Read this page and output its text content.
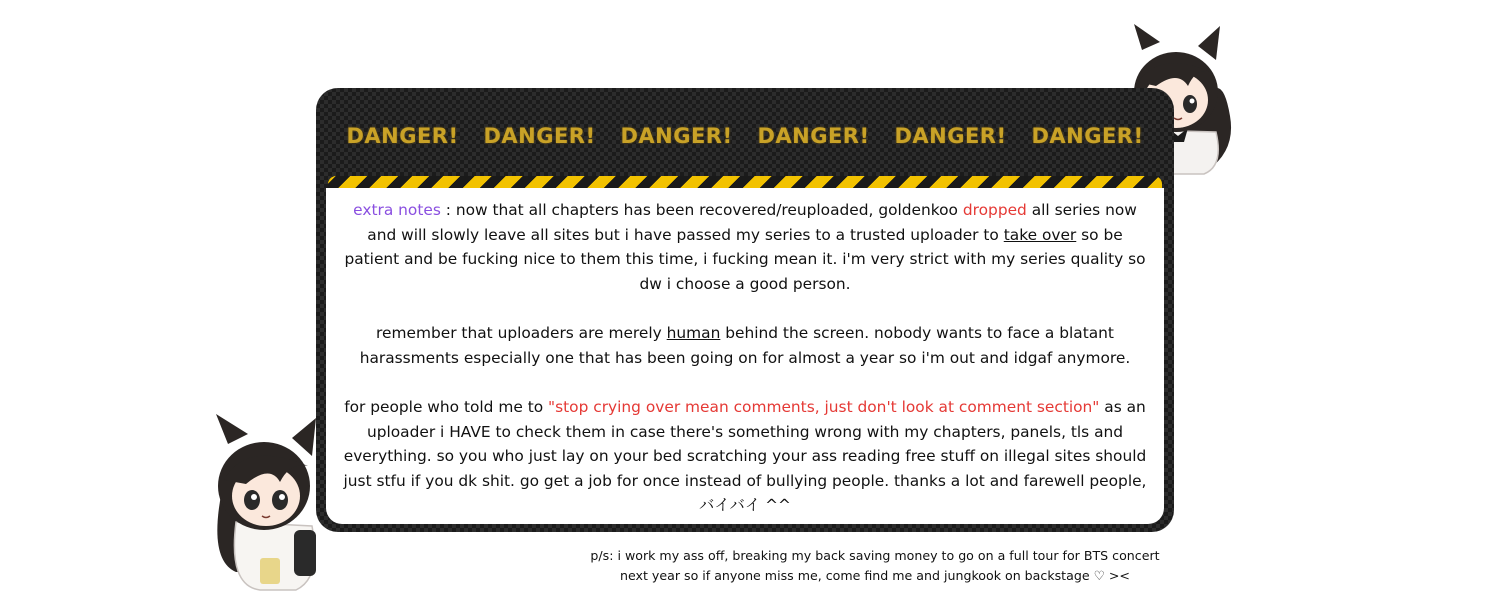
DANGER! DANGER! DANGER! DANGER! DANGER! DANGER!

extra notes : now that all chapters has been recovered/reuploaded, goldenkoo dropped all series now and will slowly leave all sites but i have passed my series to a trusted uploader to take over so be patient and be fucking nice to them this time, i fucking mean it. i'm very strict with my series quality so dw i choose a good person.

remember that uploaders are merely human behind the screen. nobody wants to face a blatant harassments especially one that has been going on for almost a year so i'm out and idgaf anymore.

for people who told me to "stop crying over mean comments, just don't look at comment section" as an uploader i HAVE to check them in case there's something wrong with my chapters, panels, tls and everything. so you who just lay on your bed scratching your ass reading free stuff on illegal sites should just stfu if you dk shit. go get a job for once instead of bullying people. thanks a lot and farewell people, バイバイ ^^

p/s: i work my ass off, breaking my back saving money to go on a full tour for BTS concert
next year so if anyone miss me, come find me and jungkook on backstage ♡ ><
